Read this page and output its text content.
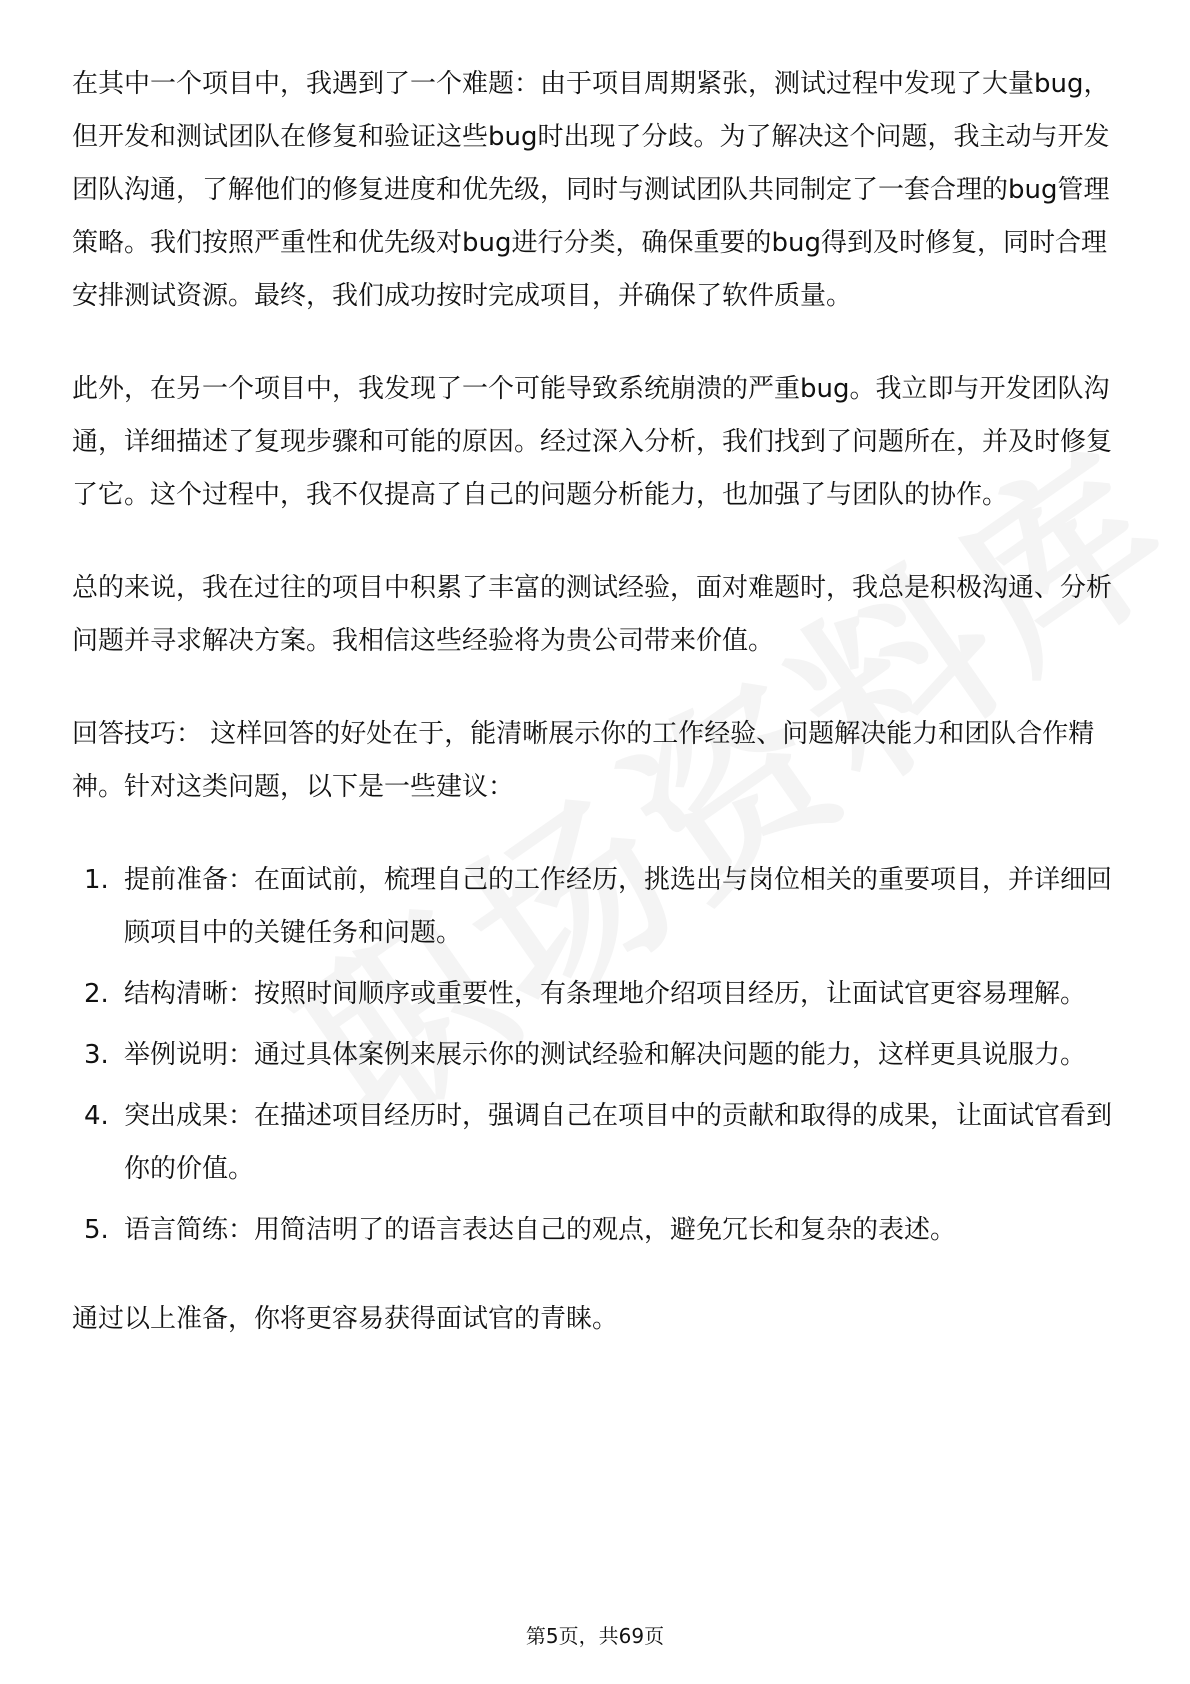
在其中一个项目中，我遇到了一个难题：由于项目周期紧张，测试过程中发现了大量bug，但开发和测试团队在修复和验证这些bug时出现了分歧。为了解决这个问题，我主动与开发团队沟通，了解他们的修复进度和优先级，同时与测试团队共同制定了一套合理的bug管理策略。我们按照严重性和优先级对bug进行分类，确保重要的bug得到及时修复，同时合理安排测试资源。最终，我们成功按时完成项目，并确保了软件质量。

此外，在另一个项目中，我发现了一个可能导致系统崩溃的严重bug。我立即与开发团队沟通，详细描述了复现步骤和可能的原因。经过深入分析，我们找到了问题所在，并及时修复了它。这个过程中，我不仅提高了自己的问题分析能力，也加强了与团队的协作。

总的来说，我在过往的项目中积累了丰富的测试经验，面对难题时，我总是积极沟通、分析问题并寻求解决方案。我相信这些经验将为贵公司带来价值。

回答技巧： 这样回答的好处在于，能清晰展示你的工作经验、问题解决能力和团队合作精神。针对这类问题，以下是一些建议：

1. 提前准备：在面试前，梳理自己的工作经历，挑选出与岗位相关的重要项目，并详细回顾项目中的关键任务和问题。
2. 结构清晰：按照时间顺序或重要性，有条理地介绍项目经历，让面试官更容易理解。
3. 举例说明：通过具体案例来展示你的测试经验和解决问题的能力，这样更具说服力。
4. 突出成果：在描述项目经历时，强调自己在项目中的贡献和取得的成果，让面试官看到你的价值。
5. 语言简练：用简洁明了的语言表达自己的观点，避免冗长和复杂的表述。

通过以上准备，你将更容易获得面试官的青睐。

第5页，共69页
